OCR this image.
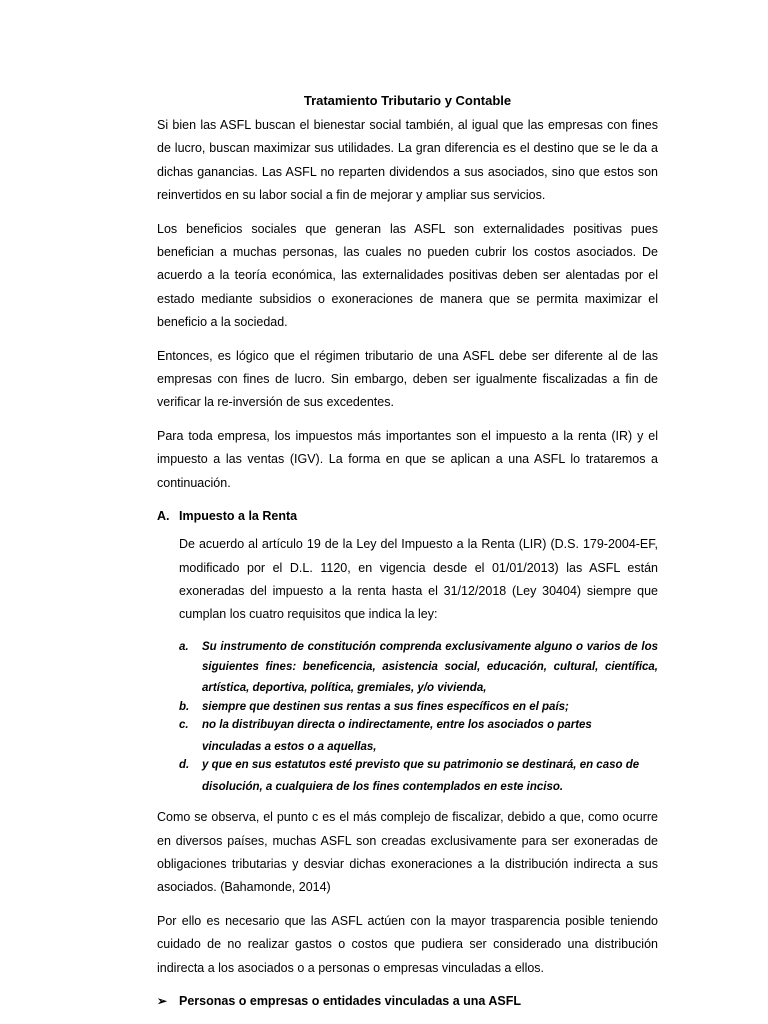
Tratamiento Tributario y Contable

Si bien las ASFL buscan el bienestar social también, al igual que las empresas con fines de lucro, buscan maximizar sus utilidades. La gran diferencia es el destino que se le da a dichas ganancias. Las ASFL no reparten dividendos a sus asociados, sino que estos son reinvertidos en su labor social a fin de mejorar y ampliar sus servicios.

Los beneficios sociales que generan las ASFL son externalidades positivas pues benefician a muchas personas, las cuales no pueden cubrir los costos asociados. De acuerdo a la teoría económica, las externalidades positivas deben ser alentadas por el estado mediante subsidios o exoneraciones de manera que se permita maximizar el beneficio a la sociedad.

Entonces, es lógico que el régimen tributario de una ASFL debe ser diferente al de las empresas con fines de lucro. Sin embargo, deben ser igualmente fiscalizadas a fin de verificar la re-inversión de sus excedentes.

Para toda empresa, los impuestos más importantes son el impuesto a la renta (IR) y el impuesto a las ventas (IGV). La forma en que se aplican a una ASFL lo trataremos a continuación.

A. Impuesto a la Renta

De acuerdo al artículo 19 de la Ley del Impuesto a la Renta (LIR) (D.S. 179-2004-EF, modificado por el D.L. 1120, en vigencia desde el 01/01/2013) las ASFL están exoneradas del impuesto a la renta hasta el 31/12/2018 (Ley 30404) siempre que cumplan los cuatro requisitos que indica la ley:

a.	Su instrumento de constitución comprenda exclusivamente alguno o varios de los siguientes fines: beneficencia, asistencia social, educación, cultural, científica, artística, deportiva, política, gremiales, y/o vivienda,
b.	siempre que destinen sus rentas a sus fines específicos en el país;
c.	no la distribuyan directa o indirectamente, entre los asociados o partes
vinculadas a estos o a aquellas,
d.	y que en sus estatutos esté previsto que su patrimonio se destinará, en caso de
disolución, a cualquiera de los fines contemplados en este inciso.

Como se observa, el punto c es el más complejo de fiscalizar, debido a que, como ocurre en diversos países, muchas ASFL son creadas exclusivamente para ser exoneradas de obligaciones tributarias y desviar dichas exoneraciones a la distribución indirecta a sus asociados. (Bahamonde, 2014)

Por ello es necesario que las ASFL actúen con la mayor trasparencia posible teniendo cuidado de no realizar gastos o costos que pudiera ser considerado una distribución indirecta a los asociados o a personas o empresas vinculadas a ellos.

➢ Personas o empresas o entidades vinculadas a una ASFL
